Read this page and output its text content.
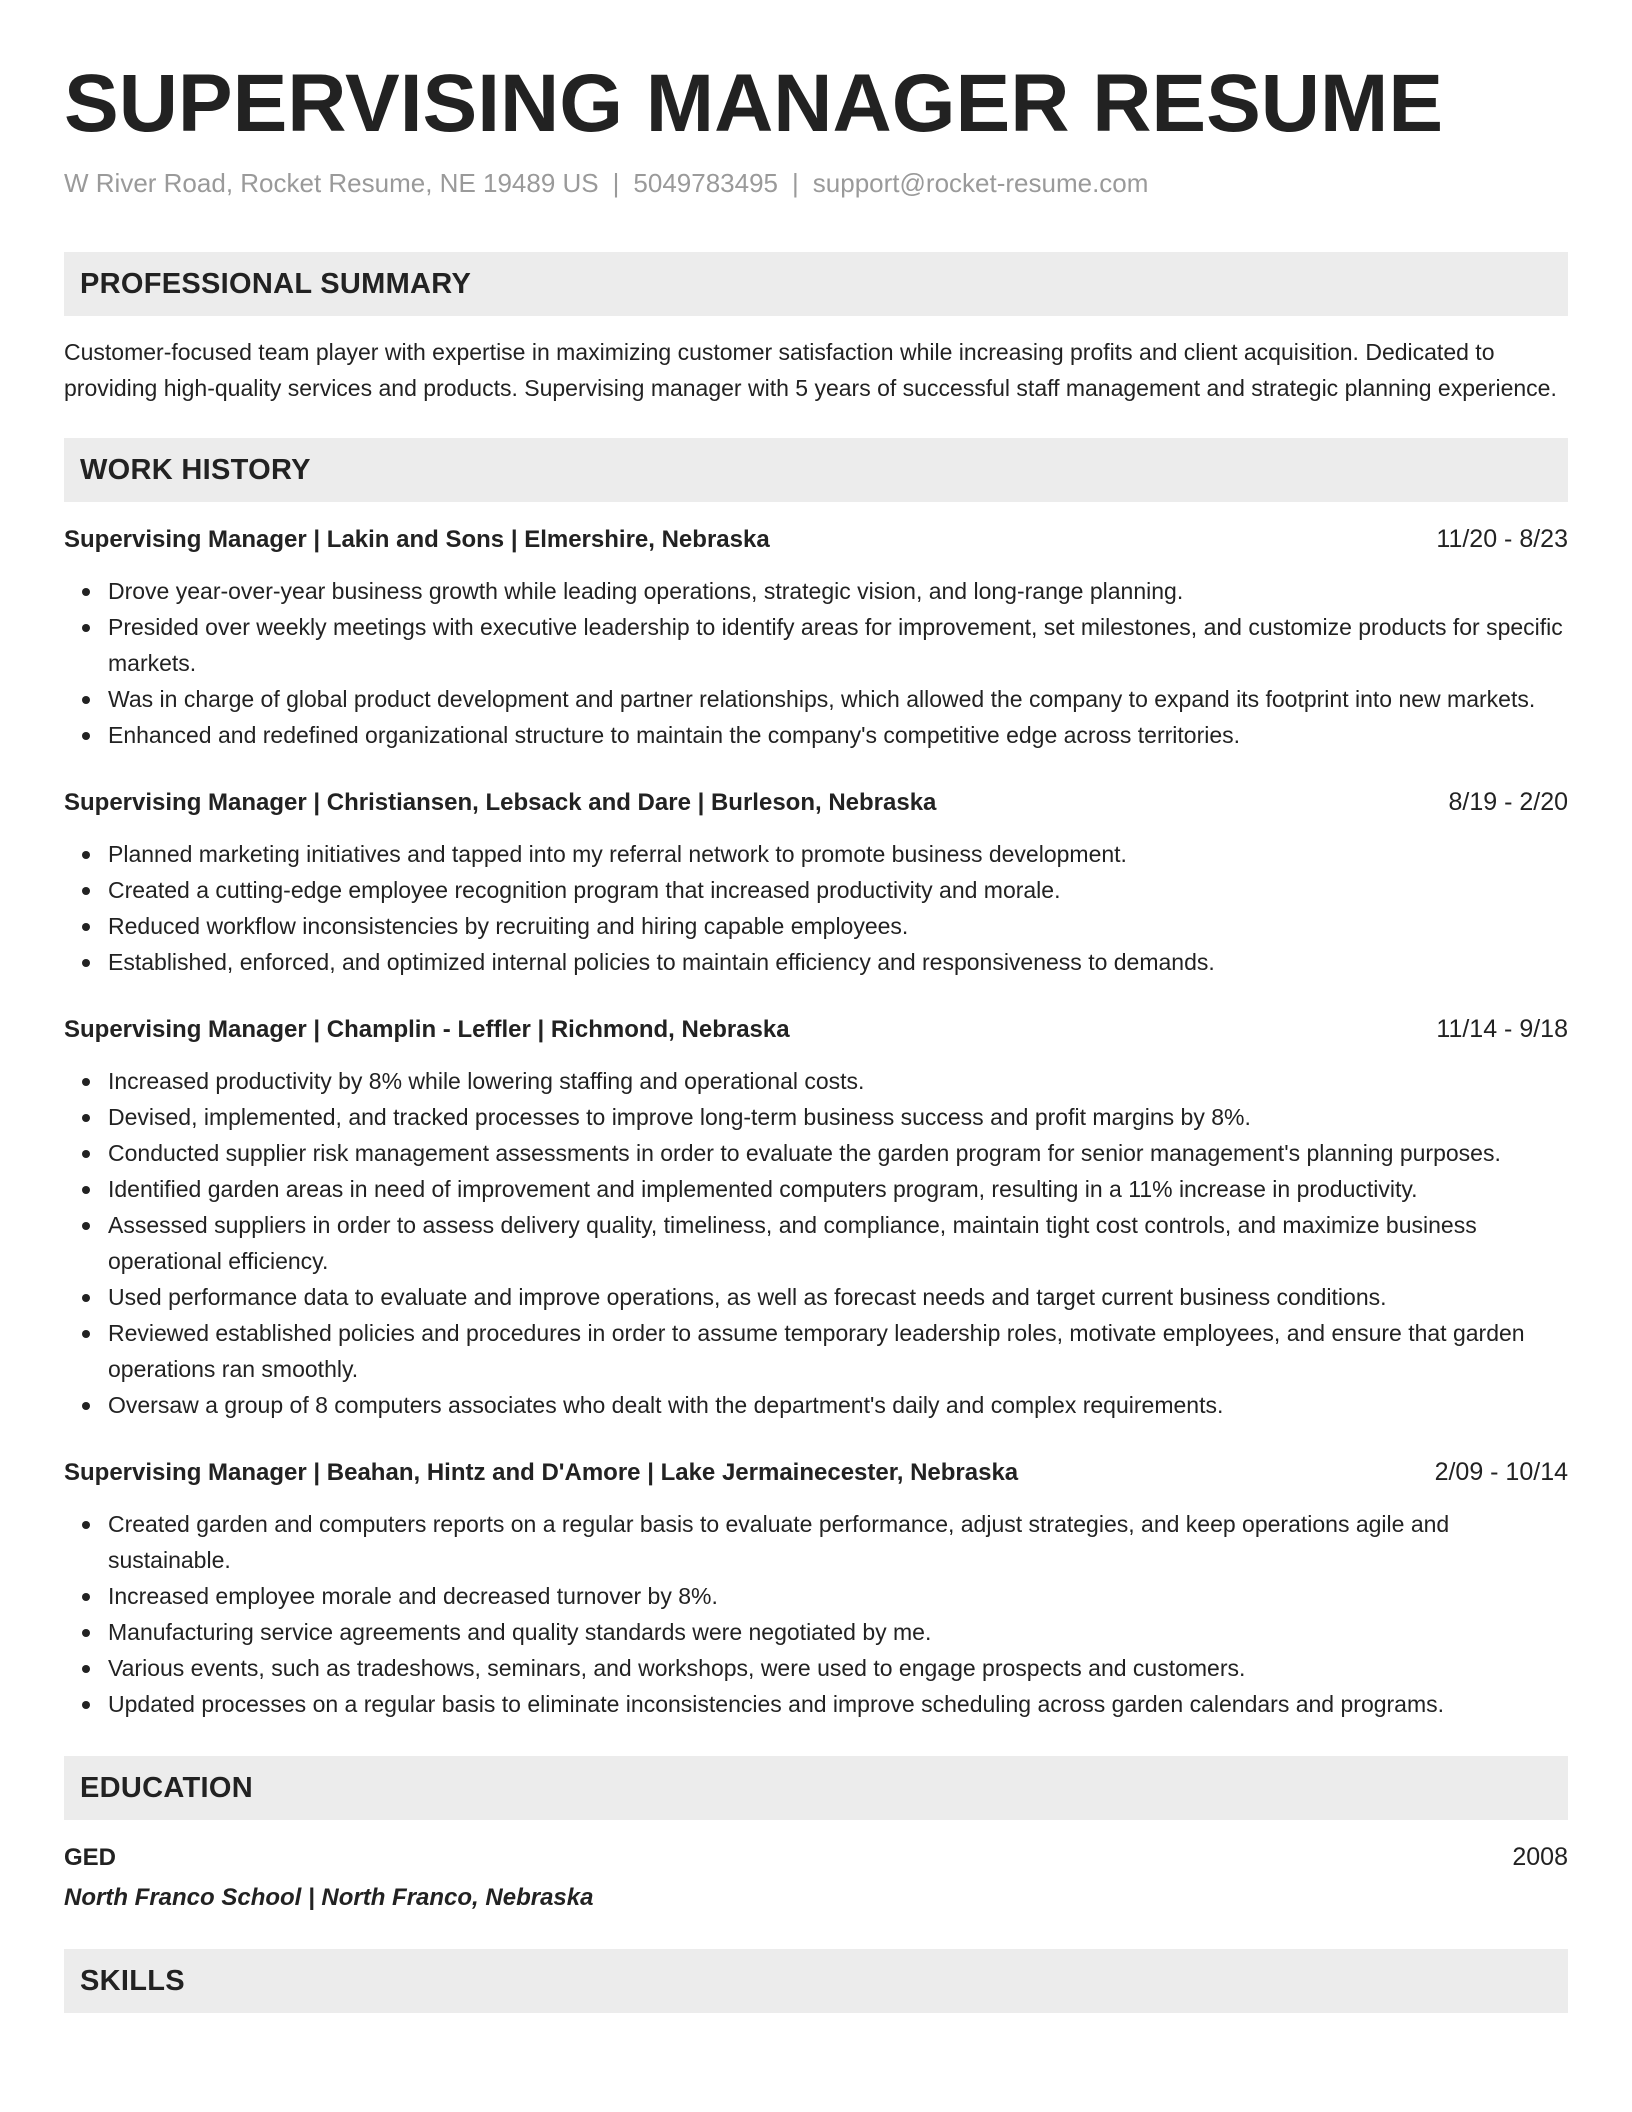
SUPERVISING MANAGER RESUME
W River Road, Rocket Resume, NE 19489 US | 5049783495 | support@rocket-resume.com
PROFESSIONAL SUMMARY
Customer-focused team player with expertise in maximizing customer satisfaction while increasing profits and client acquisition. Dedicated to providing high-quality services and products. Supervising manager with 5 years of successful staff management and strategic planning experience.
WORK HISTORY
Supervising Manager | Lakin and Sons | Elmershire, Nebraska	11/20 - 8/23
Drove year-over-year business growth while leading operations, strategic vision, and long-range planning.
Presided over weekly meetings with executive leadership to identify areas for improvement, set milestones, and customize products for specific markets.
Was in charge of global product development and partner relationships, which allowed the company to expand its footprint into new markets.
Enhanced and redefined organizational structure to maintain the company's competitive edge across territories.
Supervising Manager | Christiansen, Lebsack and Dare | Burleson, Nebraska	8/19 - 2/20
Planned marketing initiatives and tapped into my referral network to promote business development.
Created a cutting-edge employee recognition program that increased productivity and morale.
Reduced workflow inconsistencies by recruiting and hiring capable employees.
Established, enforced, and optimized internal policies to maintain efficiency and responsiveness to demands.
Supervising Manager | Champlin - Leffler | Richmond, Nebraska	11/14 - 9/18
Increased productivity by 8% while lowering staffing and operational costs.
Devised, implemented, and tracked processes to improve long-term business success and profit margins by 8%.
Conducted supplier risk management assessments in order to evaluate the garden program for senior management's planning purposes.
Identified garden areas in need of improvement and implemented computers program, resulting in a 11% increase in productivity.
Assessed suppliers in order to assess delivery quality, timeliness, and compliance, maintain tight cost controls, and maximize business operational efficiency.
Used performance data to evaluate and improve operations, as well as forecast needs and target current business conditions.
Reviewed established policies and procedures in order to assume temporary leadership roles, motivate employees, and ensure that garden operations ran smoothly.
Oversaw a group of 8 computers associates who dealt with the department's daily and complex requirements.
Supervising Manager | Beahan, Hintz and D'Amore | Lake Jermainecester, Nebraska	2/09 - 10/14
Created garden and computers reports on a regular basis to evaluate performance, adjust strategies, and keep operations agile and sustainable.
Increased employee morale and decreased turnover by 8%.
Manufacturing service agreements and quality standards were negotiated by me.
Various events, such as tradeshows, seminars, and workshops, were used to engage prospects and customers.
Updated processes on a regular basis to eliminate inconsistencies and improve scheduling across garden calendars and programs.
EDUCATION
GED	2008
North Franco School | North Franco, Nebraska
SKILLS
